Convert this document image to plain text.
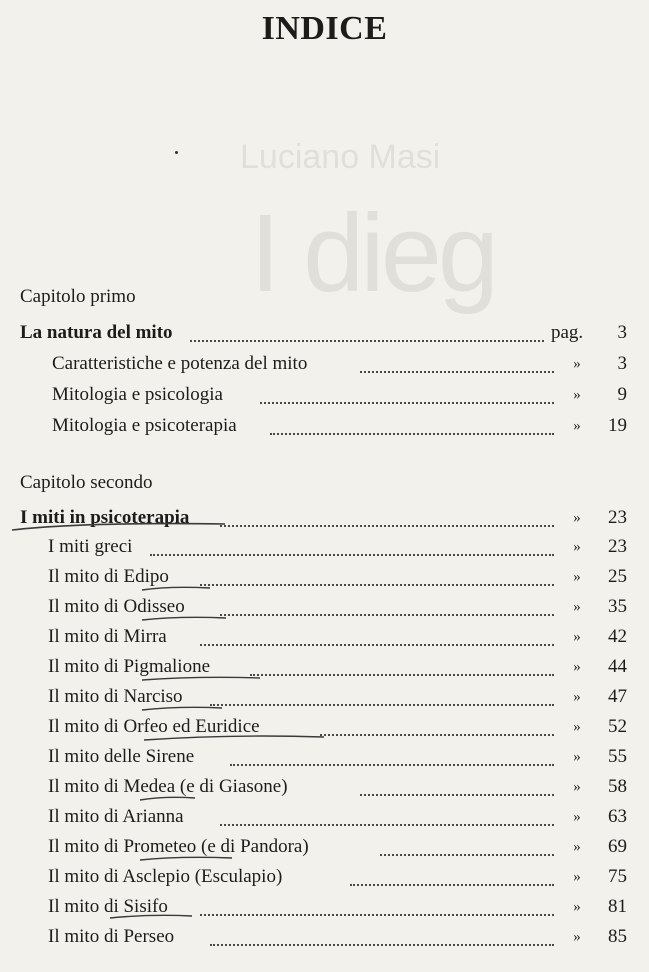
Luciano Masi
I dieg
INDICE
Capitolo primo
La natura del mito	pag.	3
Caratteristiche e potenza del mito	»	3
Mitologia e psicologia	»	9
Mitologia e psicoterapia	»	19
Capitolo secondo
I miti in psicoterapia	»	23
I miti greci	»	23
Il mito di Edipo	»	25
Il mito di Odisseo	»	35
Il mito di Mirra	»	42
Il mito di Pigmalione	»	44
Il mito di Narciso	»	47
Il mito di Orfeo ed Euridice	»	52
Il mito delle Sirene	»	55
Il mito di Medea (e di Giasone)	»	58
Il mito di Arianna	»	63
Il mito di Prometeo (e di Pandora)	»	69
Il mito di Asclepio (Esculapio)	»	75
Il mito di Sisifo	»	81
Il mito di Perseo	»	85
